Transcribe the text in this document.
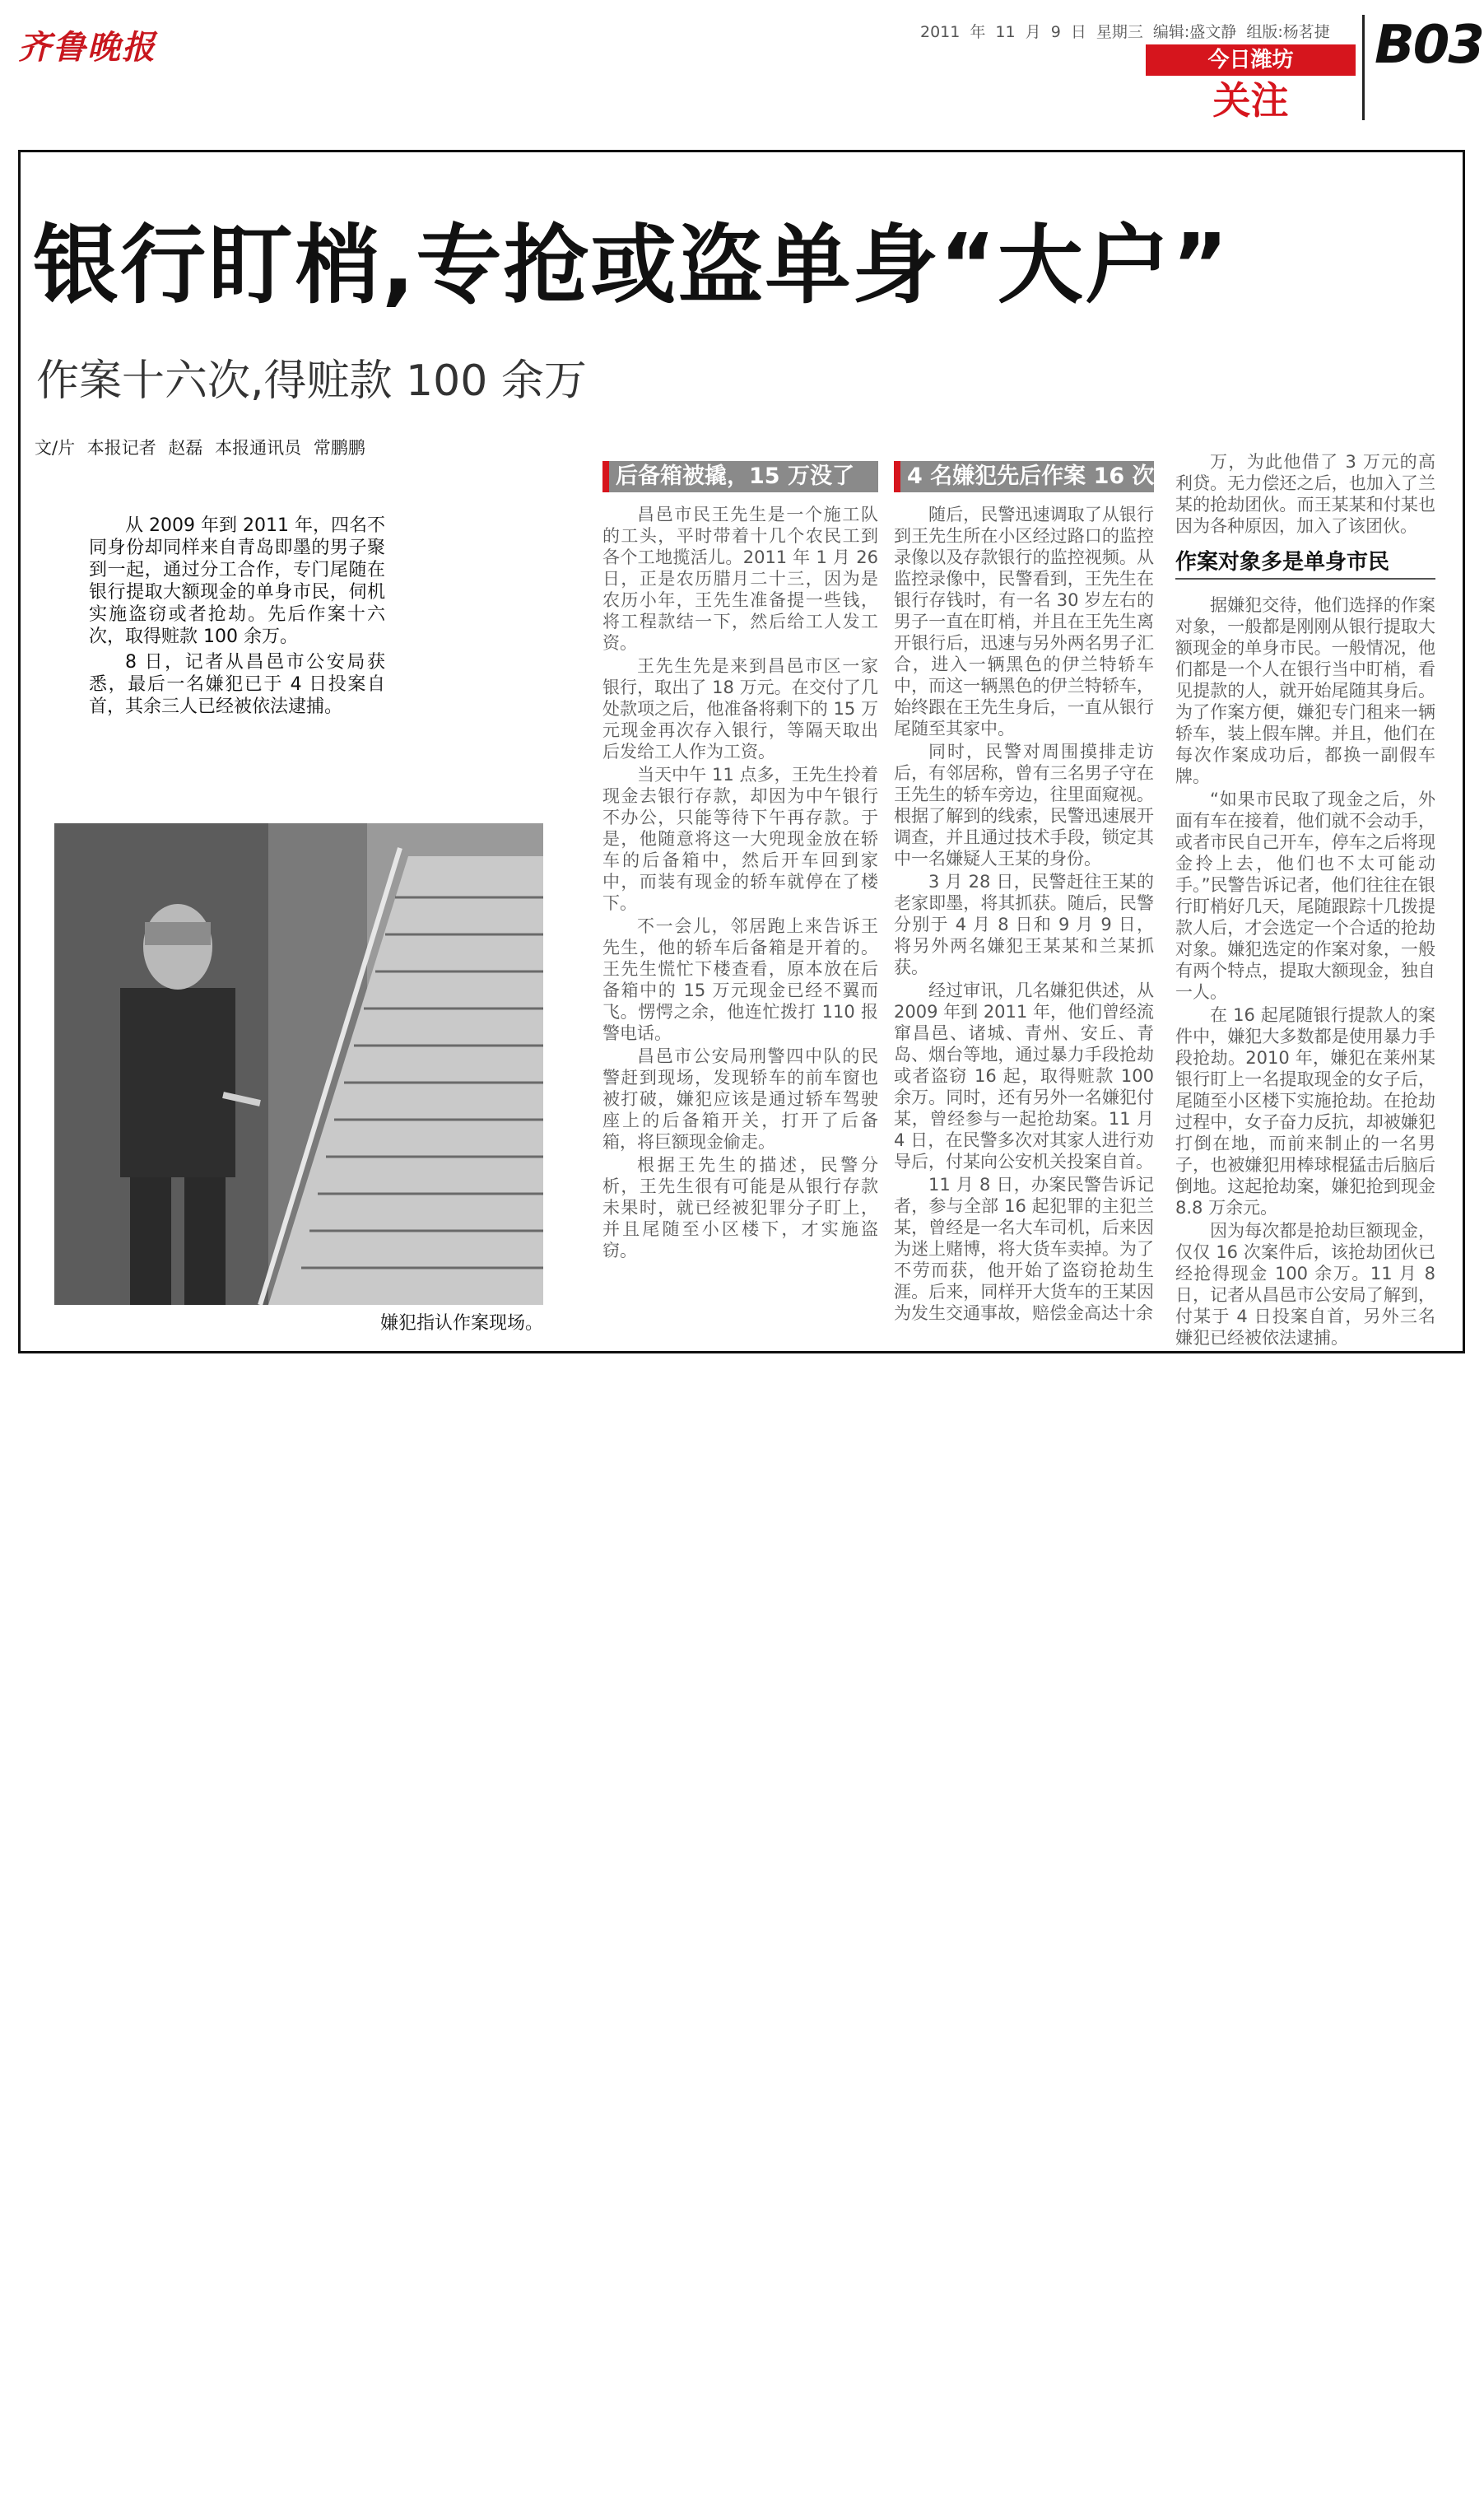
齐鲁晚报	2011 年 11 月 9 日 星期三 编辑:盛文静 组版:杨茗捷
今日潍坊
关注
B03
银行盯梢,专抢或盗单身“大户”
作案十六次,得赃款 100 余万
文/片 本报记者 赵磊 本报通讯员 常鹏鹏

从 2009 年到 2011 年，四名不同身份却同样来自青岛即墨的男子聚到一起，通过分工合作，专门尾随在银行提取大额现金的单身市民，伺机实施盗窃或者抢劫。先后作案十六次，取得赃款 100 余万。

8 日，记者从昌邑市公安局获悉，最后一名嫌犯已于 4 日投案自首，其余三人已经被依法逮捕。

嫌犯指认作案现场。
后备箱被撬，15 万没了

昌邑市民王先生是一个施工队的工头，平时带着十几个农民工到各个工地揽活儿。2011 年 1 月 26 日，正是农历腊月二十三，因为是农历小年，王先生准备提一些钱，将工程款结一下，然后给工人发工资。

王先生先是来到昌邑市区一家银行，取出了 18 万元。在交付了几处款项之后，他准备将剩下的 15 万元现金再次存入银行，等隔天取出后发给工人作为工资。

当天中午 11 点多，王先生拎着现金去银行存款，却因为中午银行不办公，只能等待下午再存款。于是，他随意将这一大兜现金放在轿车的后备箱中，然后开车回到家中，而装有现金的轿车就停在了楼下。

不一会儿，邻居跑上来告诉王先生，他的轿车后备箱是开着的。王先生慌忙下楼查看，原本放在后备箱中的 15 万元现金已经不翼而飞。愣愕之余，他连忙拨打 110 报警电话。

昌邑市公安局刑警四中队的民警赶到现场，发现轿车的前车窗也被打破，嫌犯应该是通过轿车驾驶座上的后备箱开关，打开了后备箱，将巨额现金偷走。

根据王先生的描述，民警分析，王先生很有可能是从银行存款未果时，就已经被犯罪分子盯上，并且尾随至小区楼下，才实施盗窃。

4 名嫌犯先后作案 16 次

随后，民警迅速调取了从银行到王先生所在小区经过路口的监控录像以及存款银行的监控视频。从监控录像中，民警看到，王先生在银行存钱时，有一名 30 岁左右的男子一直在盯梢，并且在王先生离开银行后，迅速与另外两名男子汇合，进入一辆黑色的伊兰特轿车中，而这一辆黑色的伊兰特轿车，始终跟在王先生身后，一直从银行尾随至其家中。

同时，民警对周围摸排走访后，有邻居称，曾有三名男子守在王先生的轿车旁边，往里面窥视。根据了解到的线索，民警迅速展开调查，并且通过技术手段，锁定其中一名嫌疑人王某的身份。

3 月 28 日，民警赶往王某的老家即墨，将其抓获。随后，民警分别于 4 月 8 日和 9 月 9 日，将另外两名嫌犯王某某和兰某抓获。

经过审讯，几名嫌犯供述，从 2009 年到 2011 年，他们曾经流窜昌邑、诸城、青州、安丘、青岛、烟台等地，通过暴力手段抢劫或者盗窃 16 起，取得赃款 100 余万。同时，还有另外一名嫌犯付某，曾经参与一起抢劫案。11 月 4 日，在民警多次对其家人进行劝导后，付某向公安机关投案自首。

11 月 8 日，办案民警告诉记者，参与全部 16 起犯罪的主犯兰某，曾经是一名大车司机，后来因为迷上赌博，将大货车卖掉。为了不劳而获，他开始了盗窃抢劫生涯。后来，同样开大货车的王某因为发生交通事故，赔偿金高达十余

万，为此他借了 3 万元的高利贷。无力偿还之后，也加入了兰某的抢劫团伙。而王某某和付某也因为各种原因，加入了该团伙。

作案对象多是单身市民

据嫌犯交待，他们选择的作案对象，一般都是刚刚从银行提取大额现金的单身市民。一般情况，他们都是一个人在银行当中盯梢，看见提款的人，就开始尾随其身后。为了作案方便，嫌犯专门租来一辆轿车，装上假车牌。并且，他们在每次作案成功后，都换一副假车牌。

“如果市民取了现金之后，外面有车在接着，他们就不会动手，或者市民自己开车，停车之后将现金拎上去，他们也不太可能动手。”民警告诉记者，他们往往在银行盯梢好几天，尾随跟踪十几拨提款人后，才会选定一个合适的抢劫对象。嫌犯选定的作案对象，一般有两个特点，提取大额现金，独自一人。

在 16 起尾随银行提款人的案件中，嫌犯大多数都是使用暴力手段抢劫。2010 年，嫌犯在莱州某银行盯上一名提取现金的女子后，尾随至小区楼下实施抢劫。在抢劫过程中，女子奋力反抗，却被嫌犯打倒在地，而前来制止的一名男子，也被嫌犯用棒球棍猛击后脑后倒地。这起抢劫案，嫌犯抢到现金 8.8 万余元。

因为每次都是抢劫巨额现金，仅仅 16 次案件后，该抢劫团伙已经抢得现金 100 余万。11 月 8 日，记者从昌邑市公安局了解到，付某于 4 日投案自首，另外三名嫌犯已经被依法逮捕。
